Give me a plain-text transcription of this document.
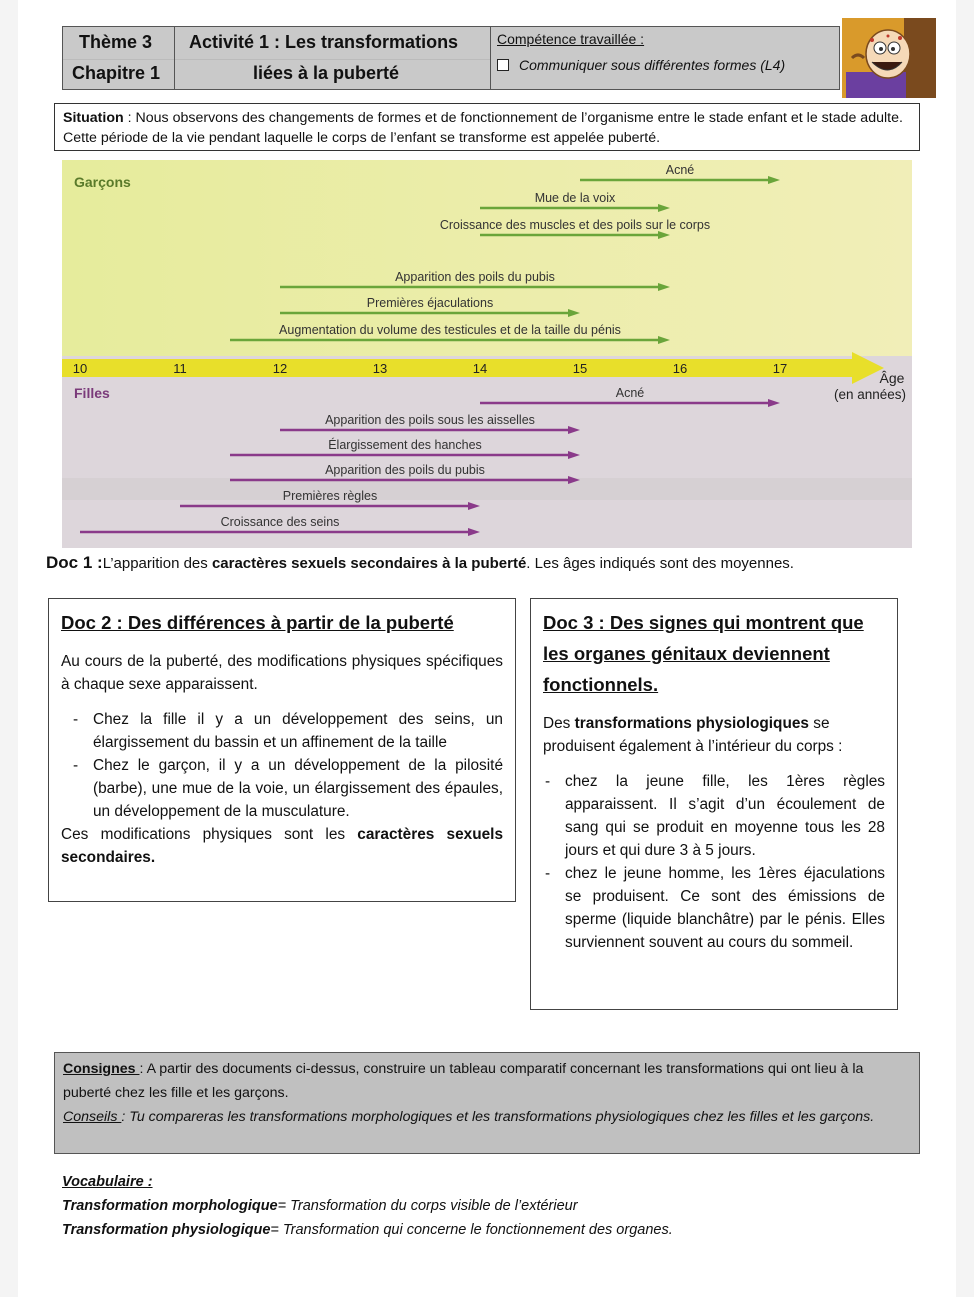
Thème 3
Chapitre 1
Activité 1 : Les transformations
liées à la puberté
Compétence travaillée :
Communiquer sous différentes formes (L4)
Situation : Nous observons des changements de formes et de fonctionnement de l’organisme entre le stade enfant et le stade adulte. Cette période de la vie pendant laquelle le corps de l’enfant se transforme est appelée puberté.
10	11	12	13	14	15	16	17
Âge
(en années)
Garçons
Acné
Mue de la voix
Croissance des muscles et des poils sur le corps
Apparition des poils du pubis
Premières éjaculations
Augmentation du volume des testicules et de la taille du pénis
Filles	Acné
Apparition des poils sous les aisselles
Élargissement des hanches
Apparition des poils du pubis
Premières règles
Croissance des seins
Doc 1 :L’apparition des caractères sexuels secondaires à la puberté. Les âges indiqués sont des moyennes.
Doc 2 : Des différences à partir de la puberté

Au cours de la puberté, des modifications physiques spécifiques à chaque sexe apparaissent.

- Chez la fille il y a un développement des seins, un élargissement du bassin et un affinement de la taille
- Chez le garçon, il y a un développement de la pilosité (barbe), une mue de la voie, un élargissement des épaules, un développement de la musculature.

Ces modifications physiques sont les caractères sexuels secondaires.

Doc 3 : Des signes qui montrent que les organes génitaux deviennent fonctionnels.

Des transformations physiologiques se produisent également à l’intérieur du corps :

- chez la jeune fille, les 1ères règles apparaissent. Il s’agit d’un écoulement de sang qui se produit en moyenne tous les 28 jours et qui dure 3 à 5 jours.
- chez le jeune homme, les 1ères éjaculations se produisent. Ce sont des émissions de sperme (liquide blanchâtre) par le pénis. Elles surviennent souvent au cours du sommeil.

Consignes : A partir des documents ci-dessus, construire un tableau comparatif concernant les transformations qui ont lieu à la puberté chez les fille et les garçons.

Conseils : Tu compareras les transformations morphologiques et les transformations physiologiques chez les filles et les garçons.

Vocabulaire :
Transformation morphologique= Transformation du corps visible de l’extérieur
Transformation physiologique= Transformation qui concerne le fonctionnement des organes.
